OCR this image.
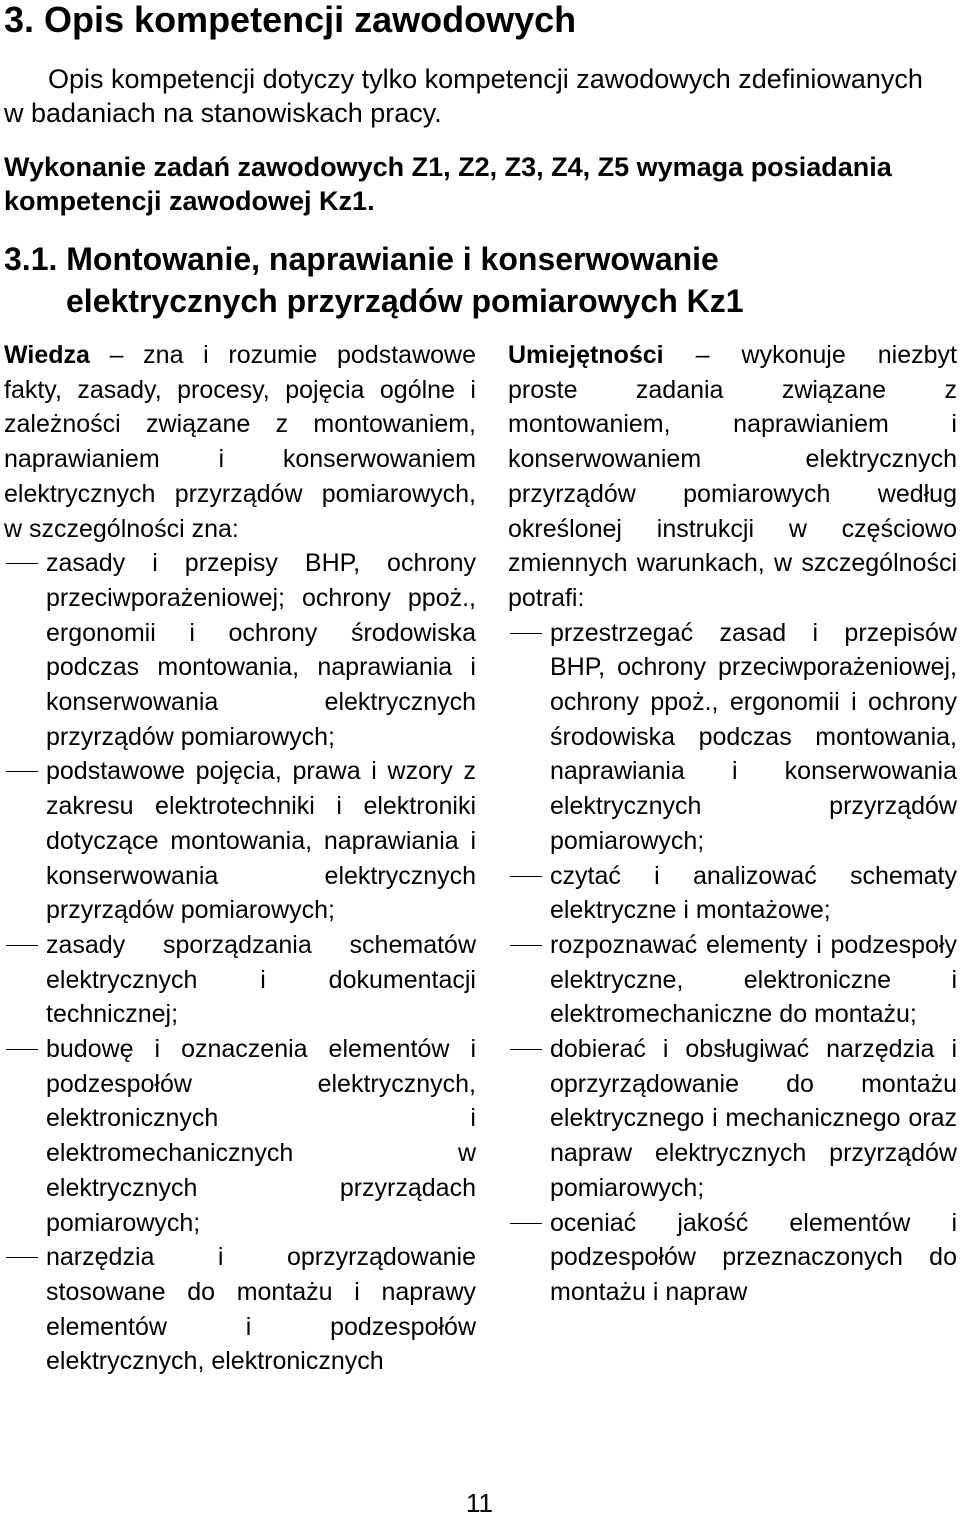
3. Opis kompetencji zawodowych

Opis kompetencji dotyczy tylko kompetencji zawodowych zdefiniowanych w badaniach na stanowiskach pracy.

Wykonanie zadań zawodowych Z1, Z2, Z3, Z4, Z5 wymaga posiadania kompetencji zawodowej Kz1.

3.1. Montowanie, naprawianie i konserwowanie
elektrycznych przyrządów pomiarowych Kz1
Wiedza – zna i rozumie podstawowe fakty, zasady, procesy, pojęcia ogólne i zależności związane z montowaniem, naprawianiem i konserwowaniem elektrycznych przyrządów pomiarowych, w szczególności zna:
zasady i przepisy BHP, ochrony przeciwporażeniowej; ochrony ppoż., ergonomii i ochrony środowiska podczas montowania, naprawiania i konserwowania elektrycznych przyrządów pomiarowych;
podstawowe pojęcia, prawa i wzory z zakresu elektrotechniki i elektroniki dotyczące montowania, naprawiania i konserwowania elektrycznych przyrządów pomiarowych;
zasady sporządzania schematów elektrycznych i dokumentacji technicznej;
budowę i oznaczenia elementów i podzespołów elektrycznych, elektronicznych i elektromechanicznych w elektrycznych przyrządach pomiarowych;
narzędzia i oprzyrządowanie stosowane do montażu i naprawy elementów i podzespołów elektrycznych, elektronicznych
Umiejętności – wykonuje niezbyt proste zadania związane z montowaniem, naprawianiem i konserwowaniem elektrycznych przyrządów pomiarowych według określonej instrukcji w częściowo zmiennych warunkach, w szczególności potrafi:
przestrzegać zasad i przepisów BHP, ochrony przeciwporażeniowej, ochrony ppoż., ergonomii i ochrony środowiska podczas montowania, naprawiania i konserwowania elektrycznych przyrządów pomiarowych;
czytać i analizować schematy elektryczne i montażowe;
rozpoznawać elementy i podzespoły elektryczne, elektroniczne i elektromechaniczne do montażu;
dobierać i obsługiwać narzędzia i oprzyrządowanie do montażu elektrycznego i mechanicznego oraz napraw elektrycznych przyrządów pomiarowych;
oceniać jakość elementów i podzespołów przeznaczonych do montażu i napraw
11
